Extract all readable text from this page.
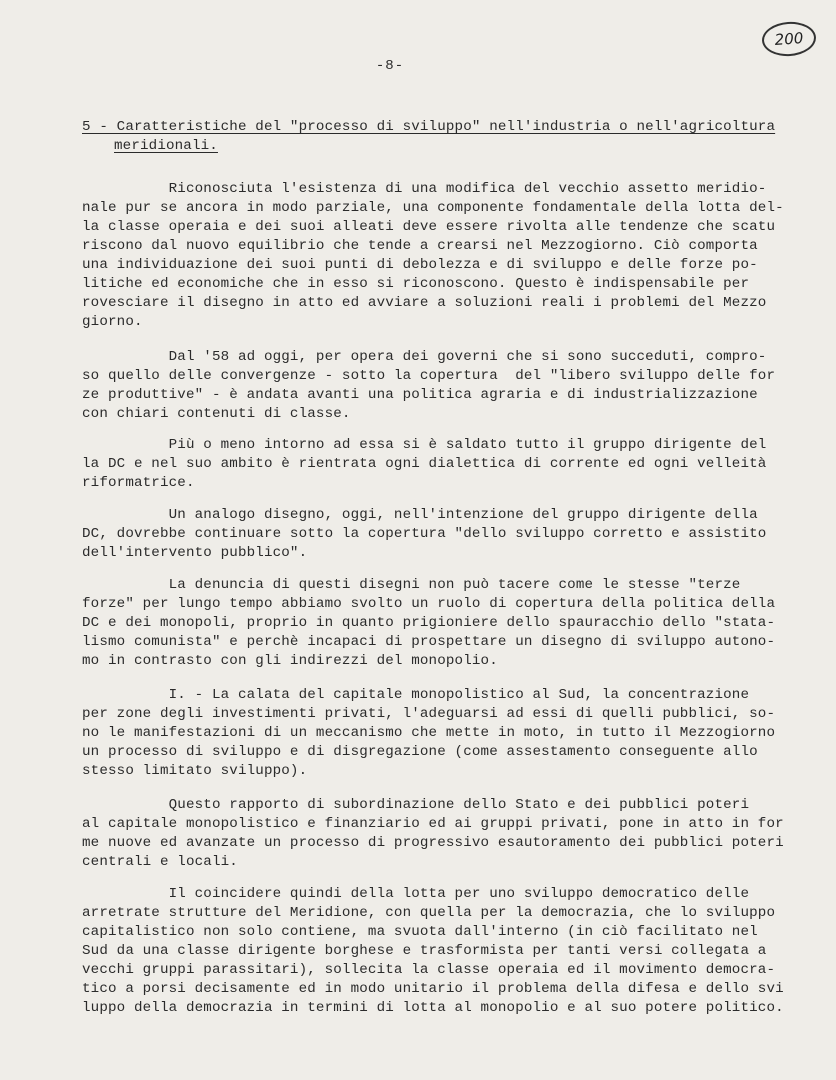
200
-8-
5 - Caratteristiche del "processo di sviluppo" nell'industria o nell'agricoltura
meridionali.
Riconosciuta l'esistenza di una modifica del vecchio assetto meridio-
nale pur se ancora in modo parziale, una componente fondamentale della lotta del-
la classe operaia e dei suoi alleati deve essere rivolta alle tendenze che scatu
riscono dal nuovo equilibrio che tende a crearsi nel Mezzogiorno. Ciò comporta
una individuazione dei suoi punti di debolezza e di sviluppo e delle forze po-
litiche ed economiche che in esso si riconoscono. Questo è indispensabile per
rovesciare il disegno in atto ed avviare a soluzioni reali i problemi del Mezzo
giorno.
Dal '58 ad oggi, per opera dei governi che si sono succeduti, compro-
so quello delle convergenze - sotto la copertura  del "libero sviluppo delle for
ze produttive" - è andata avanti una politica agraria e di industrializzazione
con chiari contenuti di classe.
Più o meno intorno ad essa si è saldato tutto il gruppo dirigente del
la DC e nel suo ambito è rientrata ogni dialettica di corrente ed ogni velleità
riformatrice.
Un analogo disegno, oggi, nell'intenzione del gruppo dirigente della
DC, dovrebbe continuare sotto la copertura "dello sviluppo corretto e assistito
dell'intervento pubblico".
La denuncia di questi disegni non può tacere come le stesse "terze
forze" per lungo tempo abbiamo svolto un ruolo di copertura della politica della
DC e dei monopoli, proprio in quanto prigioniere dello spauracchio dello "stata-
lismo comunista" e perchè incapaci di prospettare un disegno di sviluppo autono-
mo in contrasto con gli indirezzi del monopolio.
I. - La calata del capitale monopolistico al Sud, la concentrazione
per zone degli investimenti privati, l'adeguarsi ad essi di quelli pubblici, so-
no le manifestazioni di un meccanismo che mette in moto, in tutto il Mezzogiorno
un processo di sviluppo e di disgregazione (come assestamento conseguente allo
stesso limitato sviluppo).
Questo rapporto di subordinazione dello Stato e dei pubblici poteri
al capitale monopolistico e finanziario ed ai gruppi privati, pone in atto in for
me nuove ed avanzate un processo di progressivo esautoramento dei pubblici poteri
centrali e locali.
Il coincidere quindi della lotta per uno sviluppo democratico delle
arretrate strutture del Meridione, con quella per la democrazia, che lo sviluppo
capitalistico non solo contiene, ma svuota dall'interno (in ciò facilitato nel
Sud da una classe dirigente borghese e trasformista per tanti versi collegata a
vecchi gruppi parassitari), sollecita la classe operaia ed il movimento democra-
tico a porsi decisamente ed in modo unitario il problema della difesa e dello svi
luppo della democrazia in termini di lotta al monopolio e al suo potere politico.
